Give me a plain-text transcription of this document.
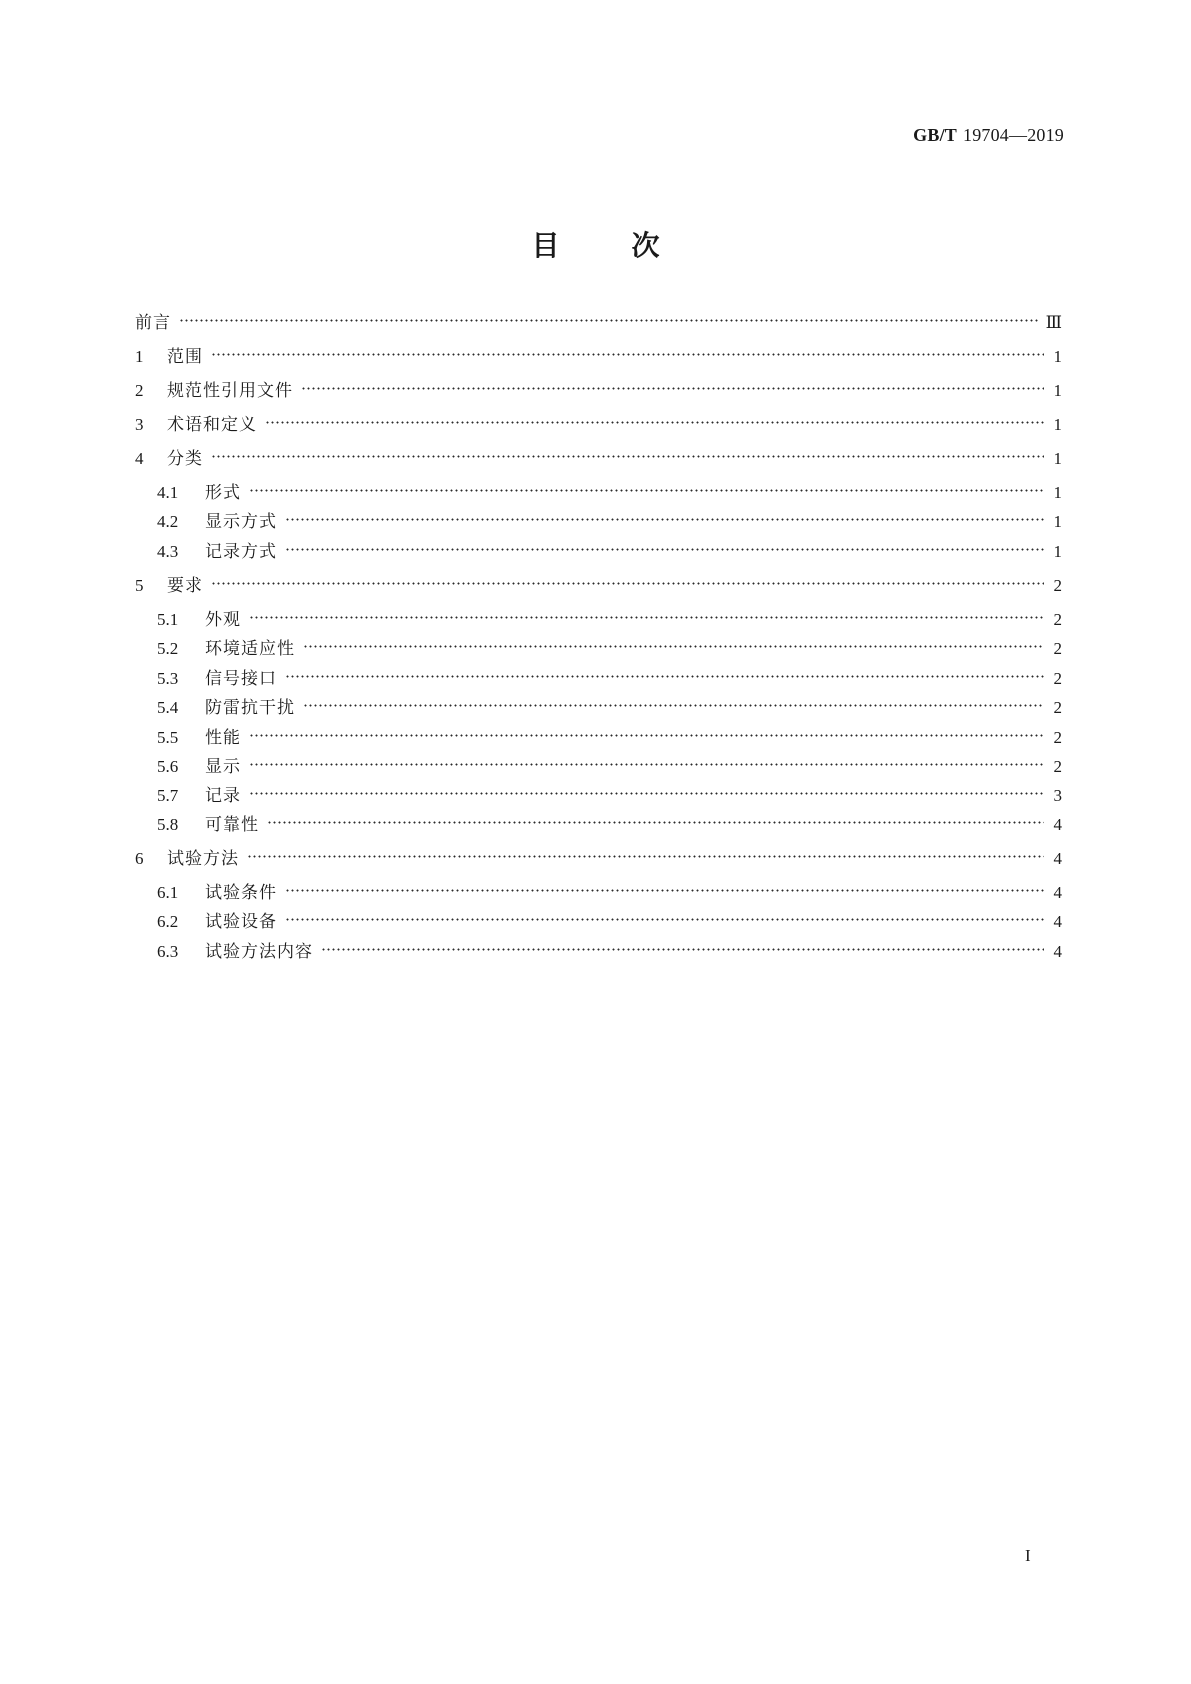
GB/T 19704—2019
目	次
前言	Ⅲ
1	范围	1
2	规范性引用文件	1
3	术语和定义	1
4	分类	1
4.1	形式	1
4.2	显示方式	1
4.3	记录方式	1
5	要求	2
5.1	外观	2
5.2	环境适应性	2
5.3	信号接口	2
5.4	防雷抗干扰	2
5.5	性能	2
5.6	显示	2
5.7	记录	3
5.8	可靠性	4
6	试验方法	4
6.1	试验条件	4
6.2	试验设备	4
6.3	试验方法内容	4
I
